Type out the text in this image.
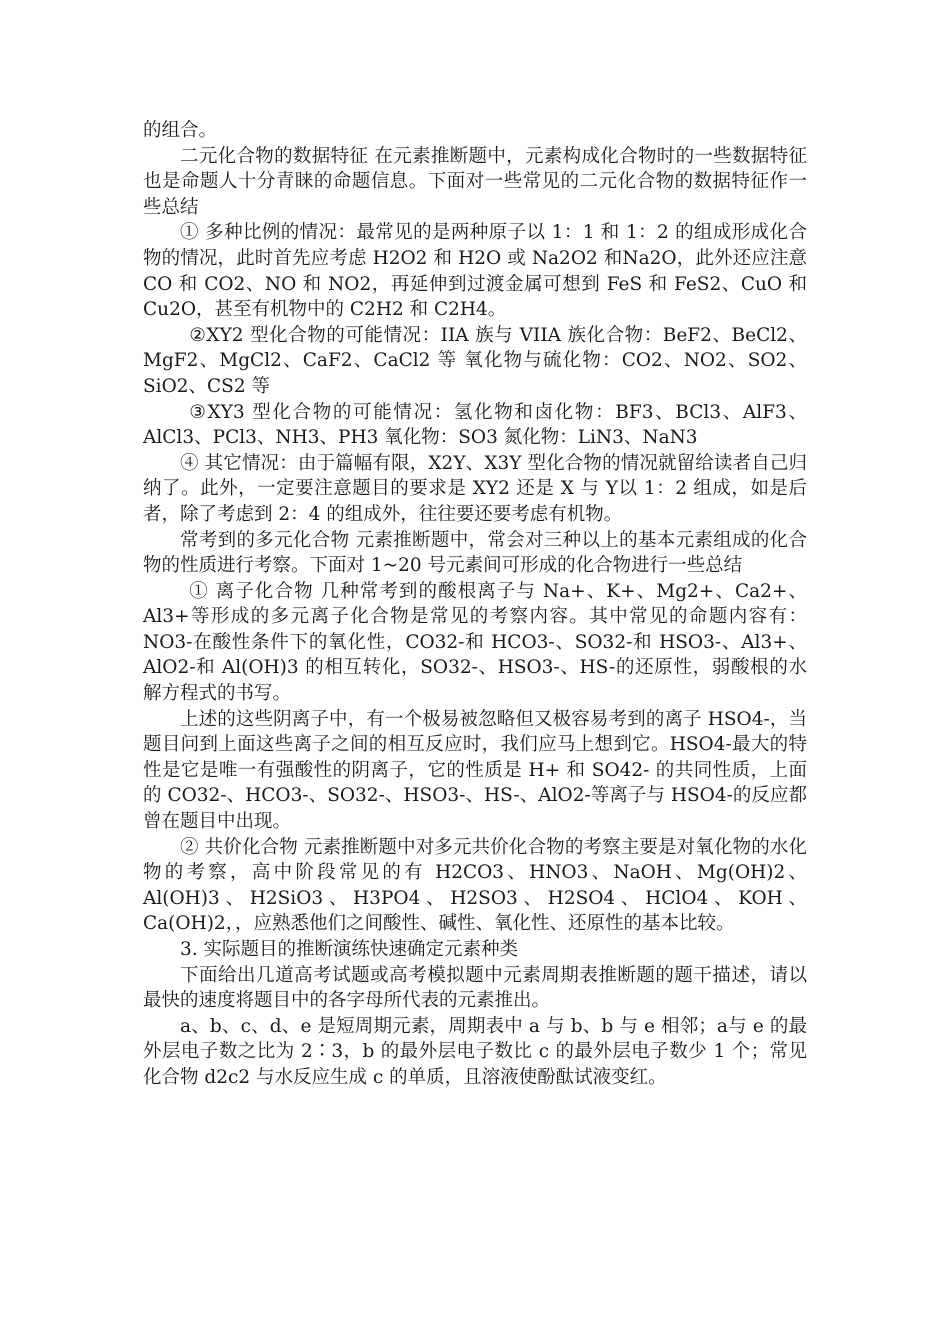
的组合。

二元化合物的数据特征 在元素推断题中，元素构成化合物时的一些数据特征也是命题人十分青睐的命题信息。下面对一些常见的二元化合物的数据特征作一些总结

① 多种比例的情况：最常见的是两种原子以 1：1 和 1：2 的组成形成化合物的情况，此时首先应考虑 H2O2 和 H2O 或 Na2O2 和Na2O，此外还应注意 CO 和 CO2、NO 和 NO2，再延伸到过渡金属可想到 FeS 和 FeS2、CuO 和 Cu2O，甚至有机物中的 C2H2 和 C2H4。

②XY2 型化合物的可能情况：IIA 族与 VIIA 族化合物：BeF2、BeCl2、MgF2、MgCl2、CaF2、CaCl2 等 氧化物与硫化物：CO2、NO2、SO2、SiO2、CS2 等

③XY3 型化合物的可能情况：氢化物和卤化物：BF3、BCl3、AlF3、AlCl3、PCl3、NH3、PH3 氧化物：SO3 氮化物：LiN3、NaN3

④ 其它情况：由于篇幅有限，X2Y、X3Y 型化合物的情况就留给读者自己归纳了。此外，一定要注意题目的要求是 XY2 还是 X 与 Y以 1：2 组成，如是后者，除了考虑到 2：4 的组成外，往往要还要考虑有机物。

常考到的多元化合物 元素推断题中，常会对三种以上的基本元素组成的化合物的性质进行考察。下面对 1~20 号元素间可形成的化合物进行一些总结

① 离子化合物 几种常考到的酸根离子与 Na+、K+、Mg2+、Ca2+、Al3+等形成的多元离子化合物是常见的考察内容。其中常见的命题内容有：NO3-在酸性条件下的氧化性，CO32-和 HCO3-、SO32-和 HSO3-、Al3+、AlO2-和 Al(OH)3 的相互转化，SO32-、HSO3-、HS-的还原性，弱酸根的水解方程式的书写。

上述的这些阴离子中，有一个极易被忽略但又极容易考到的离子 HSO4-，当题目问到上面这些离子之间的相互反应时，我们应马上想到它。HSO4-最大的特性是它是唯一有强酸性的阴离子，它的性质是 H+ 和 SO42- 的共同性质，上面的 CO32-、HCO3-、SO32-、HSO3-、HS-、AlO2-等离子与 HSO4-的反应都曾在题目中出现。

② 共价化合物 元素推断题中对多元共价化合物的考察主要是对氧化物的水化物的考察，高中阶段常见的有 H2CO3、HNO3、NaOH、Mg(OH)2、Al(OH)3、H2SiO3、H3PO4、H2SO3、H2SO4、HClO4、KOH、Ca(OH)2，，应熟悉他们之间酸性、碱性、氧化性、还原性的基本比较。

3. 实际题目的推断演练快速确定元素种类

下面给出几道高考试题或高考模拟题中元素周期表推断题的题干描述，请以最快的速度将题目中的各字母所代表的元素推出。

a、b、c、d、e 是短周期元素，周期表中 a 与 b、b 与 e 相邻；a与 e 的最外层电子数之比为 2∶3，b 的最外层电子数比 c 的最外层电子数少 1 个；常见化合物 d2c2 与水反应生成 c 的单质，且溶液使酚酞试液变红。
